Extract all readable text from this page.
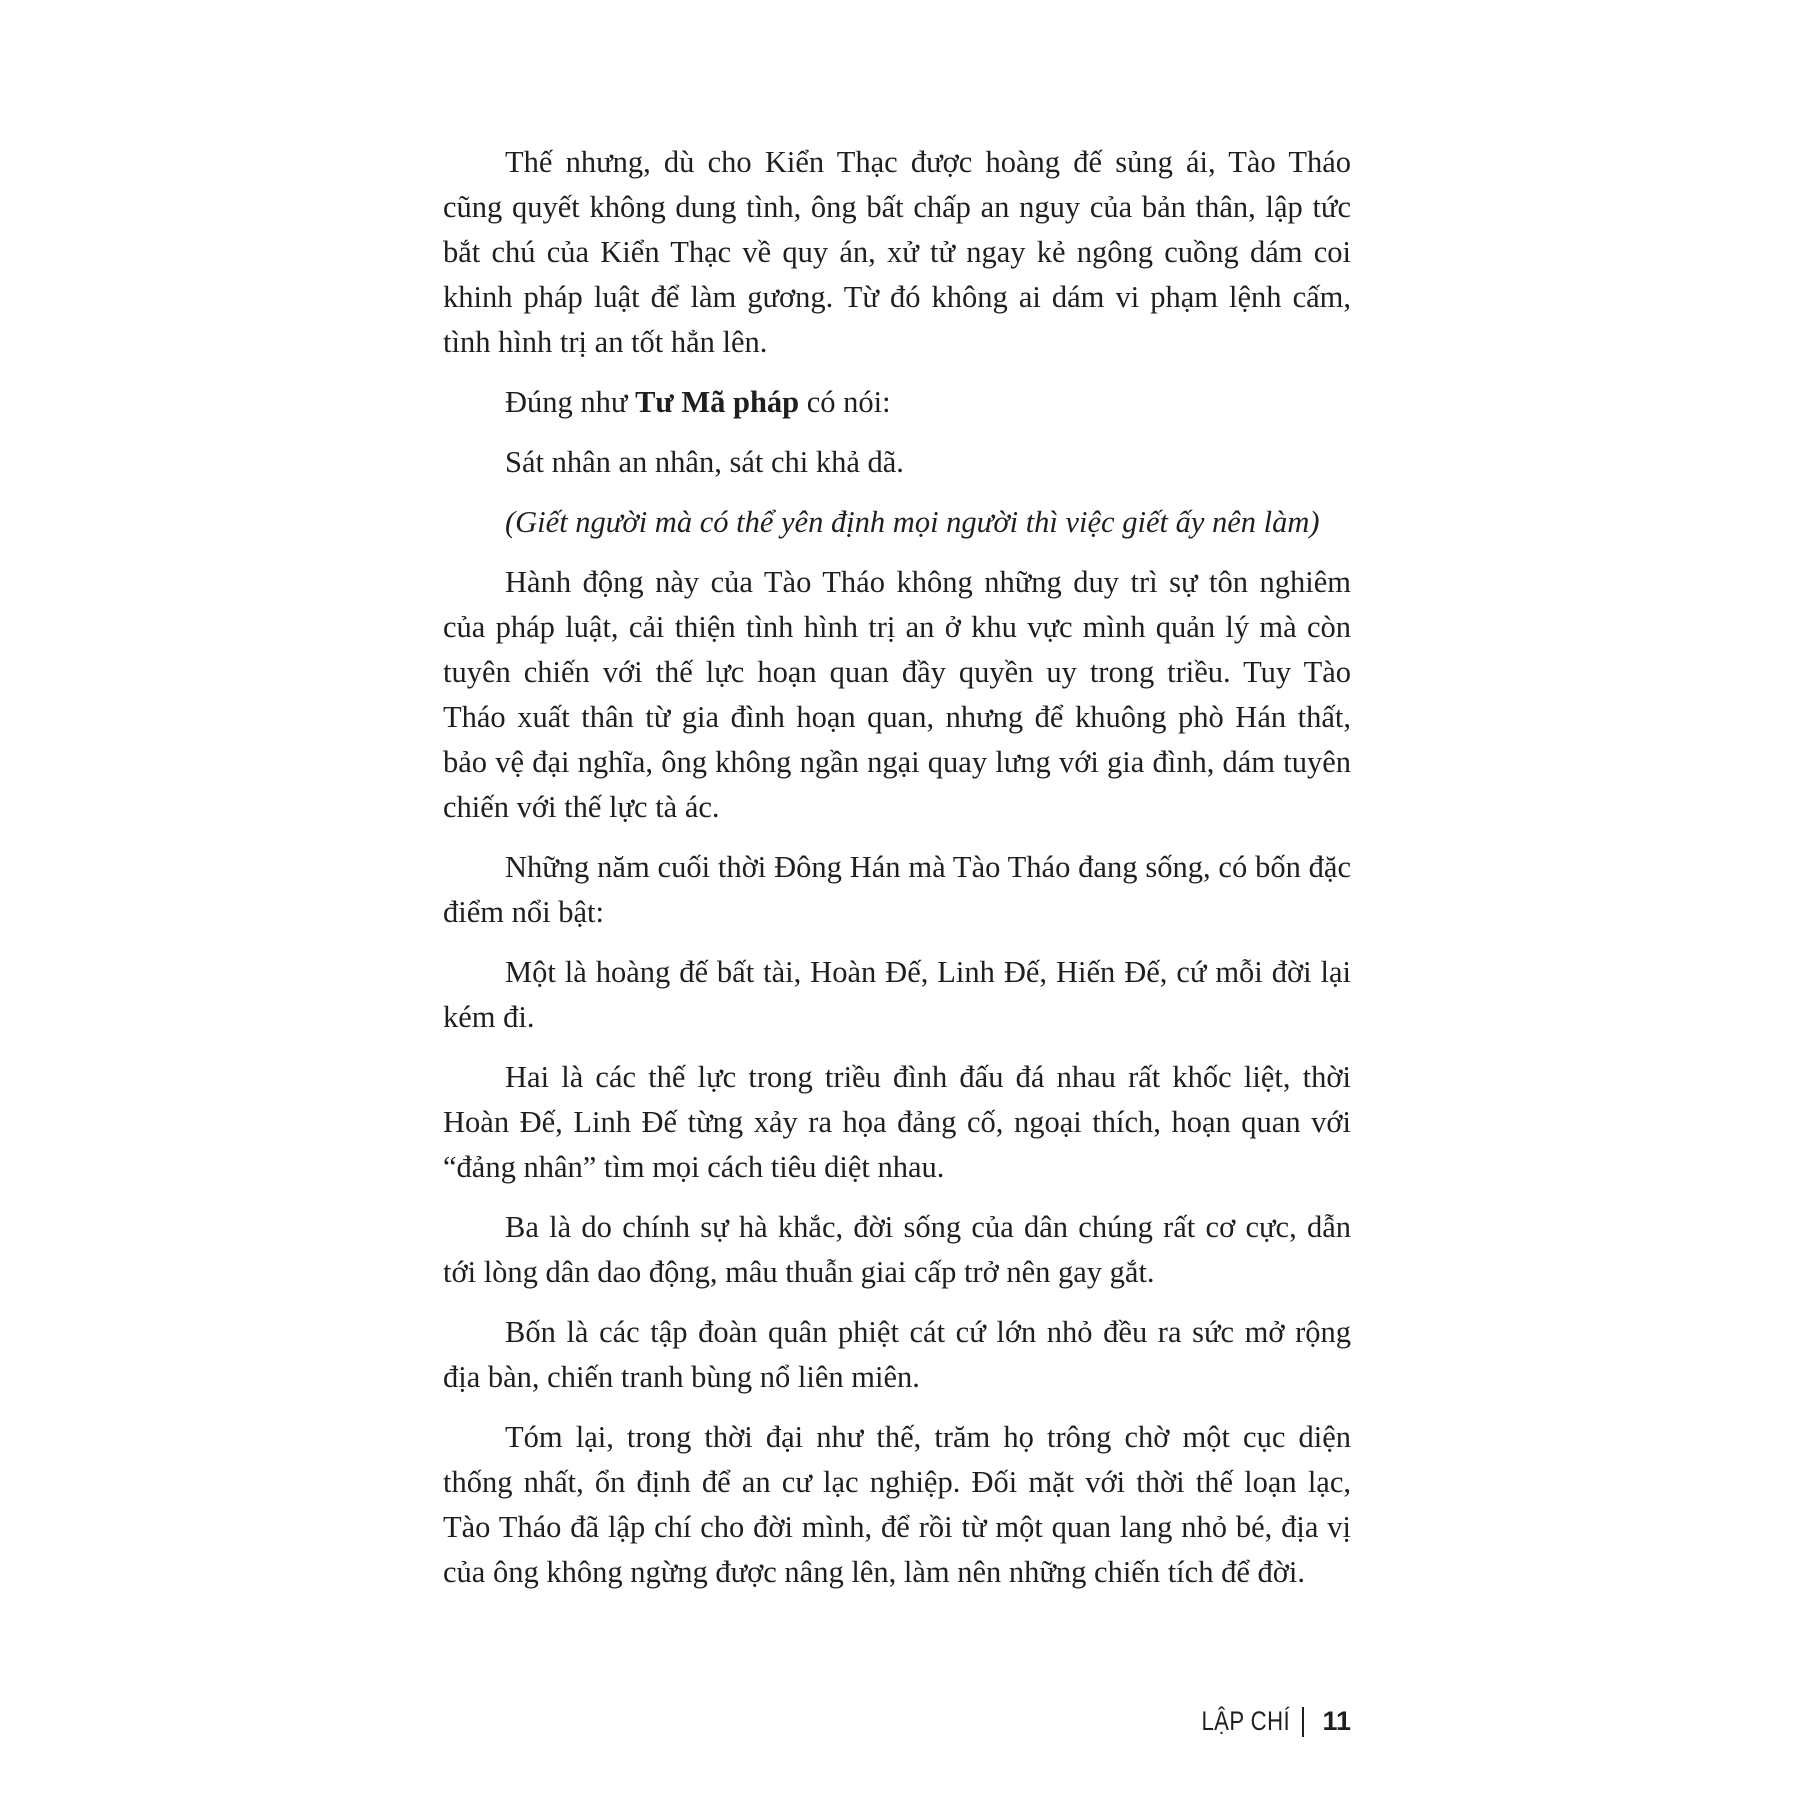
Thế nhưng, dù cho Kiển Thạc được hoàng đế sủng ái, Tào Tháo cũng quyết không dung tình, ông bất chấp an nguy của bản thân, lập tức bắt chú của Kiển Thạc về quy án, xử tử ngay kẻ ngông cuồng dám coi khinh pháp luật để làm gương. Từ đó không ai dám vi phạm lệnh cấm, tình hình trị an tốt hẳn lên.

Đúng như Tư Mã pháp có nói:

Sát nhân an nhân, sát chi khả dã.

(Giết người mà có thể yên định mọi người thì việc giết ấy nên làm)

Hành động này của Tào Tháo không những duy trì sự tôn nghiêm của pháp luật, cải thiện tình hình trị an ở khu vực mình quản lý mà còn tuyên chiến với thế lực hoạn quan đầy quyền uy trong triều. Tuy Tào Tháo xuất thân từ gia đình hoạn quan, nhưng để khuông phò Hán thất, bảo vệ đại nghĩa, ông không ngần ngại quay lưng với gia đình, dám tuyên chiến với thế lực tà ác.

Những năm cuối thời Đông Hán mà Tào Tháo đang sống, có bốn đặc điểm nổi bật:

Một là hoàng đế bất tài, Hoàn Đế, Linh Đế, Hiến Đế, cứ mỗi đời lại kém đi.

Hai là các thế lực trong triều đình đấu đá nhau rất khốc liệt, thời Hoàn Đế, Linh Đế từng xảy ra họa đảng cố, ngoại thích, hoạn quan với “đảng nhân” tìm mọi cách tiêu diệt nhau.

Ba là do chính sự hà khắc, đời sống của dân chúng rất cơ cực, dẫn tới lòng dân dao động, mâu thuẫn giai cấp trở nên gay gắt.

Bốn là các tập đoàn quân phiệt cát cứ lớn nhỏ đều ra sức mở rộng địa bàn, chiến tranh bùng nổ liên miên.

Tóm lại, trong thời đại như thế, trăm họ trông chờ một cục diện thống nhất, ổn định để an cư lạc nghiệp. Đối mặt với thời thế loạn lạc, Tào Tháo đã lập chí cho đời mình, để rồi từ một quan lang nhỏ bé, địa vị của ông không ngừng được nâng lên, làm nên những chiến tích để đời.

LẬP CHÍ 11
